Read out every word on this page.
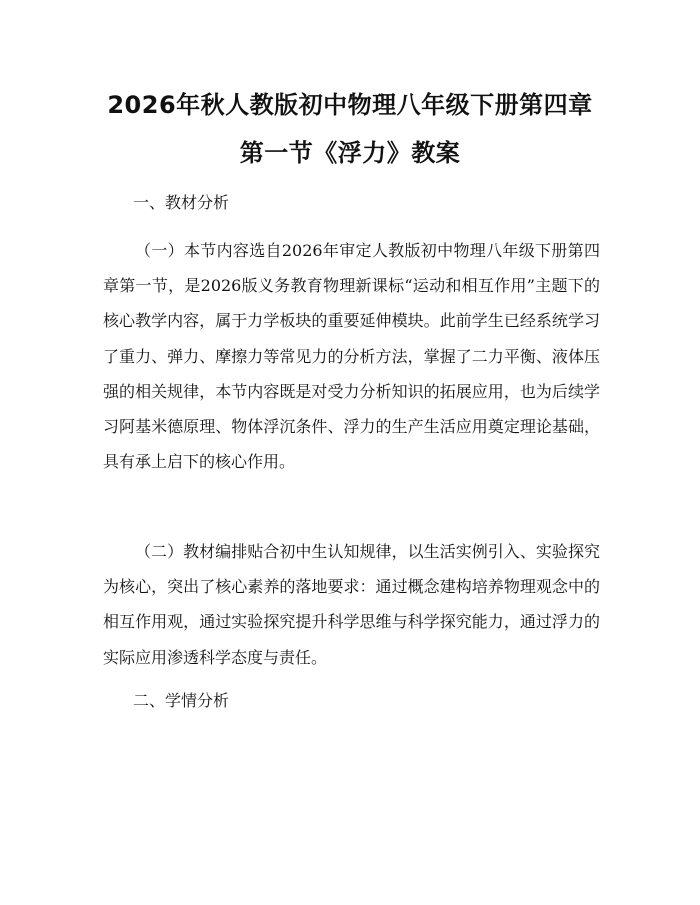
2026年秋人教版初中物理八年级下册第四章
第一节《浮力》教案
一、教材分析

（一）本节内容选自2026年审定人教版初中物理八年级下册第四章第一节，是2026版义务教育物理新课标“运动和相互作用”主题下的核心教学内容，属于力学板块的重要延伸模块。此前学生已经系统学习了重力、弹力、摩擦力等常见力的分析方法，掌握了二力平衡、液体压强的相关规律，本节内容既是对受力分析知识的拓展应用，也为后续学习阿基米德原理、物体浮沉条件、浮力的生产生活应用奠定理论基础，具有承上启下的核心作用。

（二）教材编排贴合初中生认知规律，以生活实例引入、实验探究为核心，突出了核心素养的落地要求：通过概念建构培养物理观念中的相互作用观，通过实验探究提升科学思维与科学探究能力，通过浮力的实际应用渗透科学态度与责任。

二、学情分析
